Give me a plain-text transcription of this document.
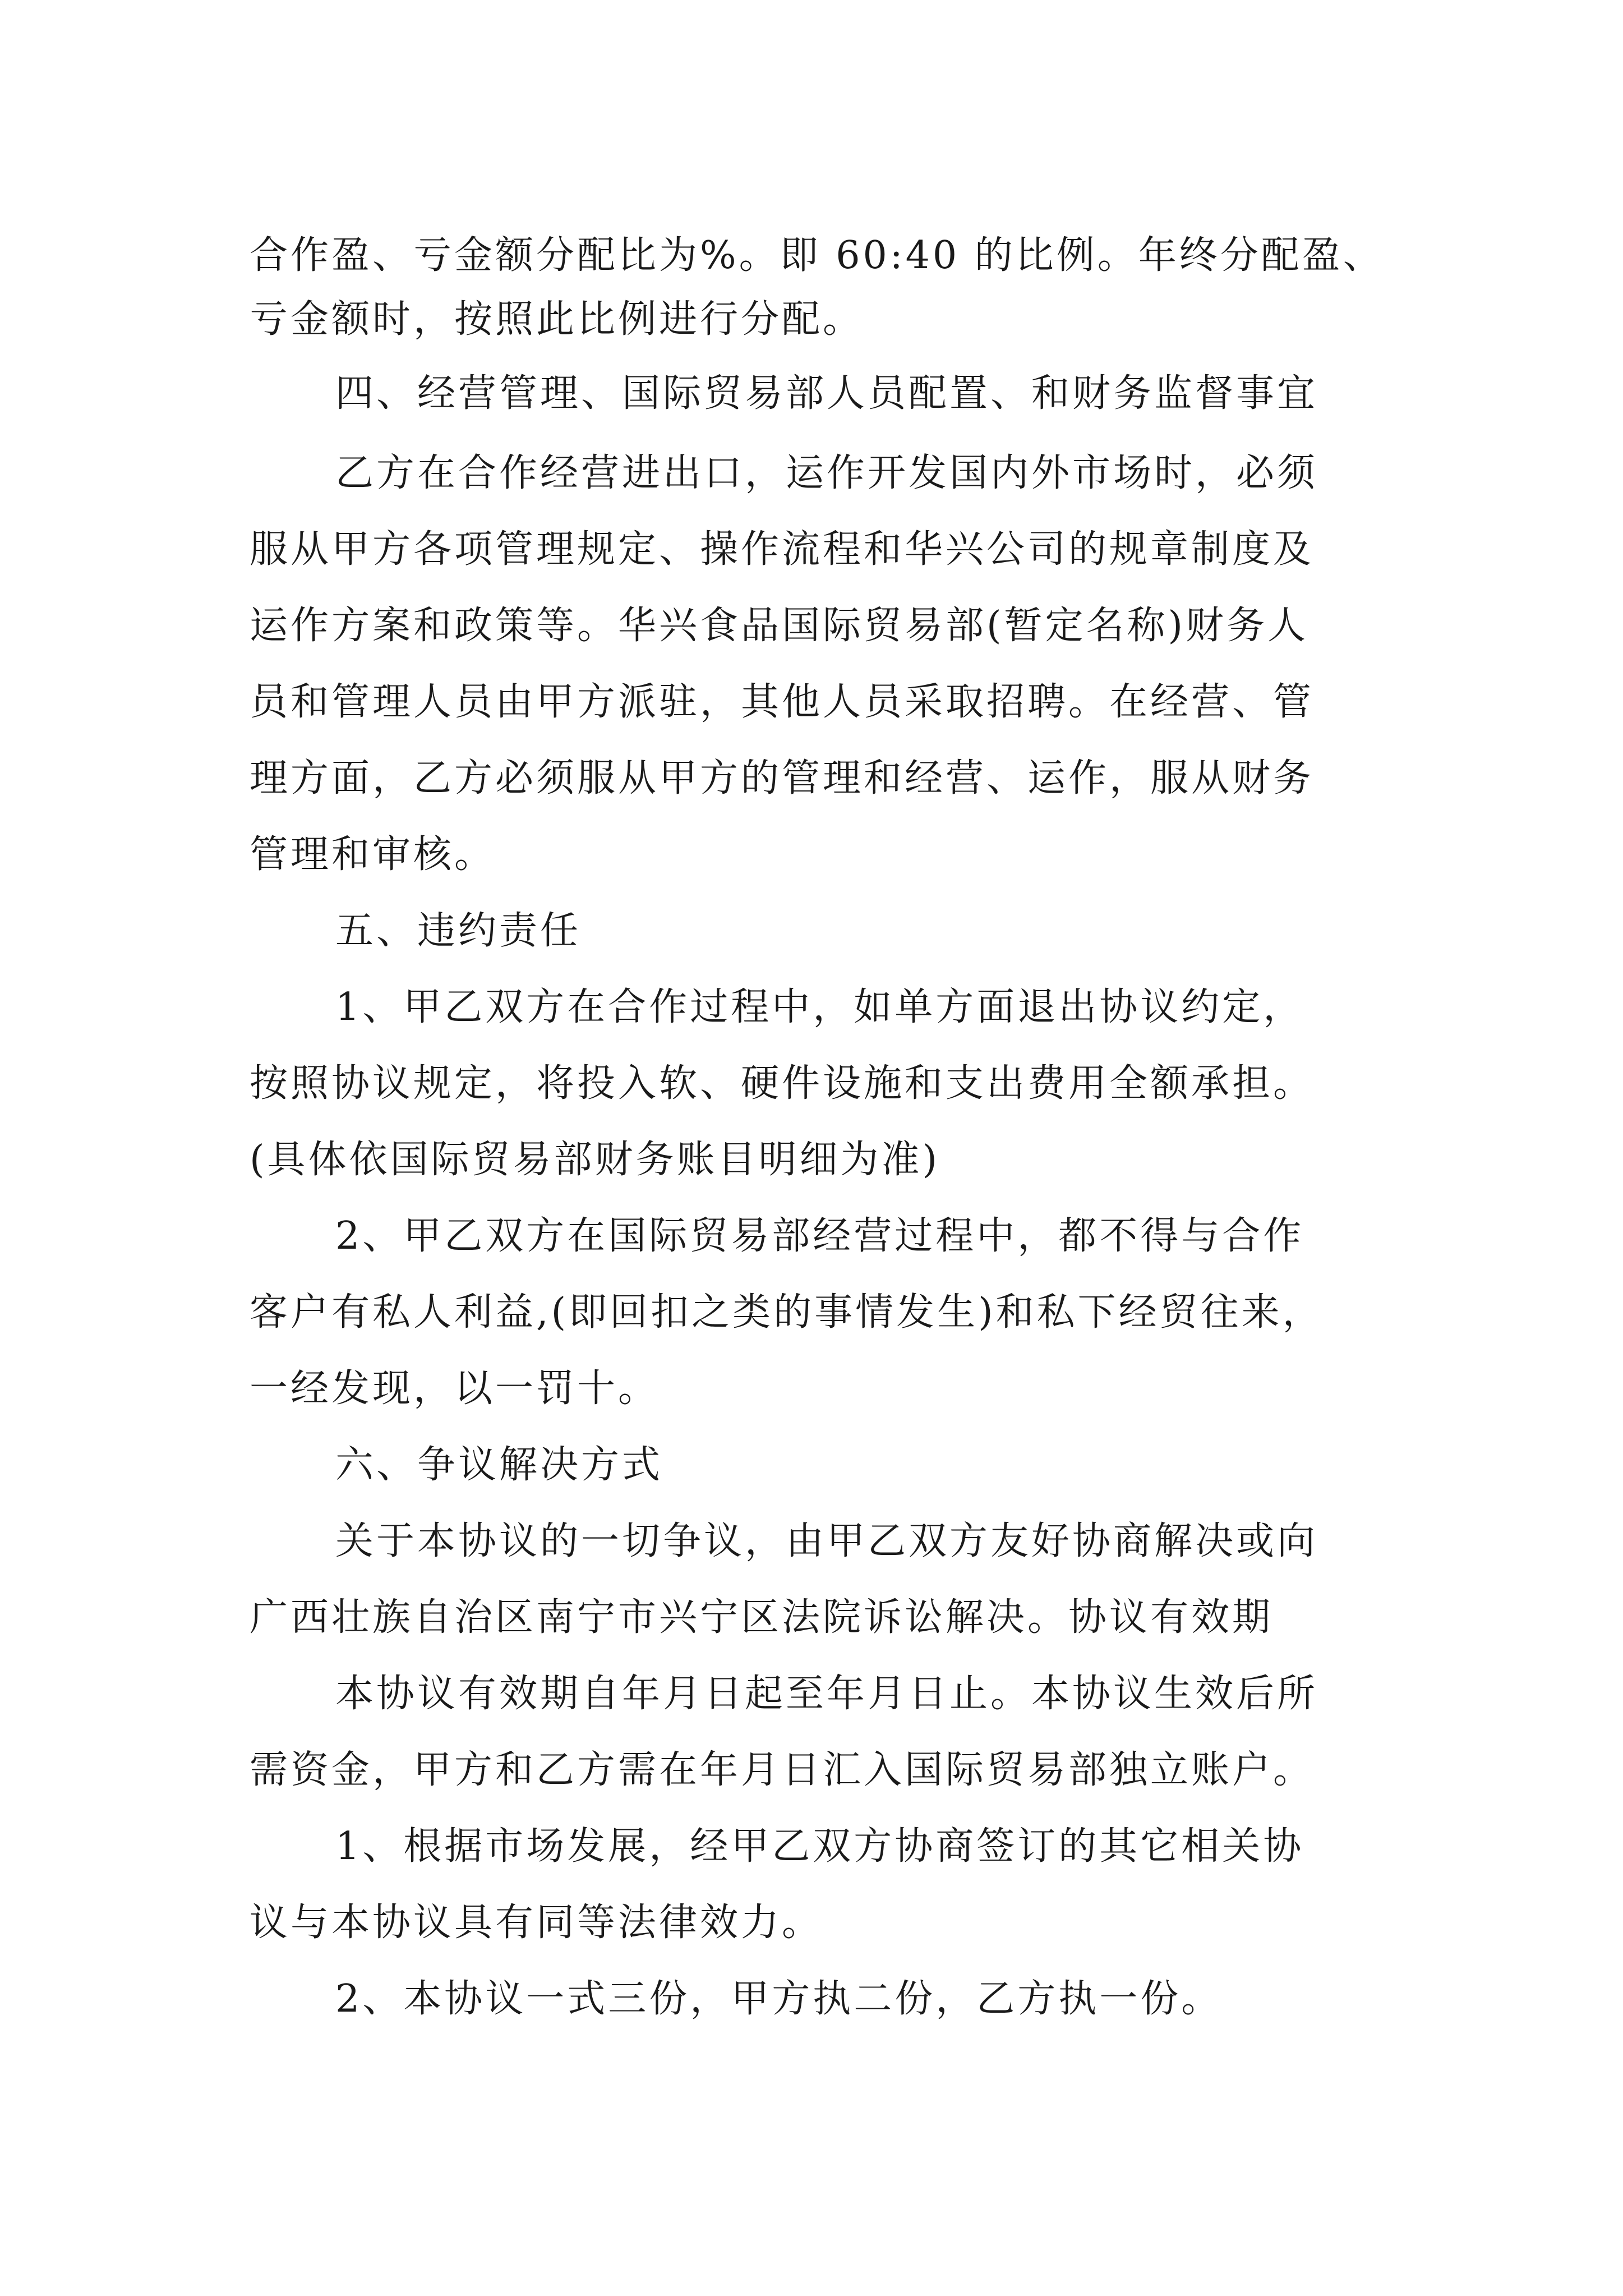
合作盈、亏金额分配比为%。即 60:40 的比例。年终分配盈、
亏金额时，按照此比例进行分配。
四、经营管理、国际贸易部人员配置、和财务监督事宜
乙方在合作经营进出口，运作开发国内外市场时，必须
服从甲方各项管理规定、操作流程和华兴公司的规章制度及
运作方案和政策等。华兴食品国际贸易部(暂定名称)财务人
员和管理人员由甲方派驻，其他人员采取招聘。在经营、管
理方面，乙方必须服从甲方的管理和经营、运作，服从财务
管理和审核。
五、违约责任
1、甲乙双方在合作过程中，如单方面退出协议约定，
按照协议规定，将投入软、硬件设施和支出费用全额承担。
(具体依国际贸易部财务账目明细为准)
2、甲乙双方在国际贸易部经营过程中，都不得与合作
客户有私人利益,(即回扣之类的事情发生)和私下经贸往来，
一经发现，以一罚十。
六、争议解决方式
关于本协议的一切争议，由甲乙双方友好协商解决或向
广西壮族自治区南宁市兴宁区法院诉讼解决。协议有效期
本协议有效期自年月日起至年月日止。本协议生效后所
需资金，甲方和乙方需在年月日汇入国际贸易部独立账户。
1、根据市场发展，经甲乙双方协商签订的其它相关协
议与本协议具有同等法律效力。
2、本协议一式三份，甲方执二份，乙方执一份。
